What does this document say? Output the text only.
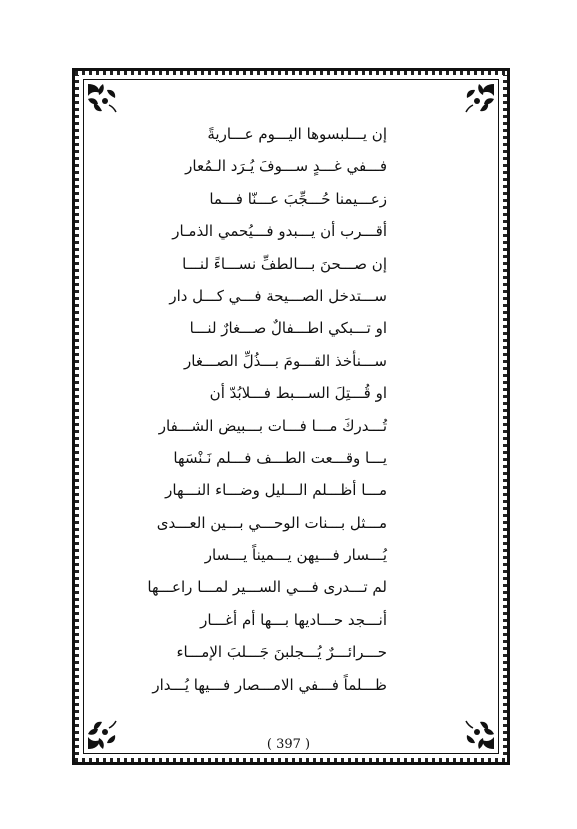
إن يـــلبسوها اليـــوم عـــاريةً
فـــفي غـــدٍ ســـوفَ يُـرَد الـمُعار
زعـــيمنا حُـــجِّبَ عـــنّا فـــما
أقـــرب أن يـــبدو فـــيُحمي الذمـار
إن صـــحنَ بـــالطفِّ نســـاءً لنـــا
ســـتدخل الصـــيحة فـــي كـــل دار
او تـــبكي اطـــفالٌ صـــغارٌ لنـــا
ســـنأخذ القـــومَ بـــذُلِّ الصـــغار
او قُـــتِلَ الســـبط فـــلابُدّ أن
تُـــدركَ مـــا فـــات بـــبيض الشـــفار
يـــا وقـــعت الطـــف فـــلم نَـنْسَها
مـــا أظـــلم الـــليل وضـــاء النـــهار
مـــثل بـــنات الوحـــي بـــين العـــدى
يُـــسار فـــيهن يـــميناً يـــسار
لم تـــدرى فـــي الســـير لمـــا راعـــها
أنـــجد حـــاديها بـــها أم أغـــار
حـــرائـــرٌ يُـــجلبنَ جَـــلبَ الإمـــاء
ظـــلماً فـــفي الامـــصار فـــيها يُـــدار
( 397 )
